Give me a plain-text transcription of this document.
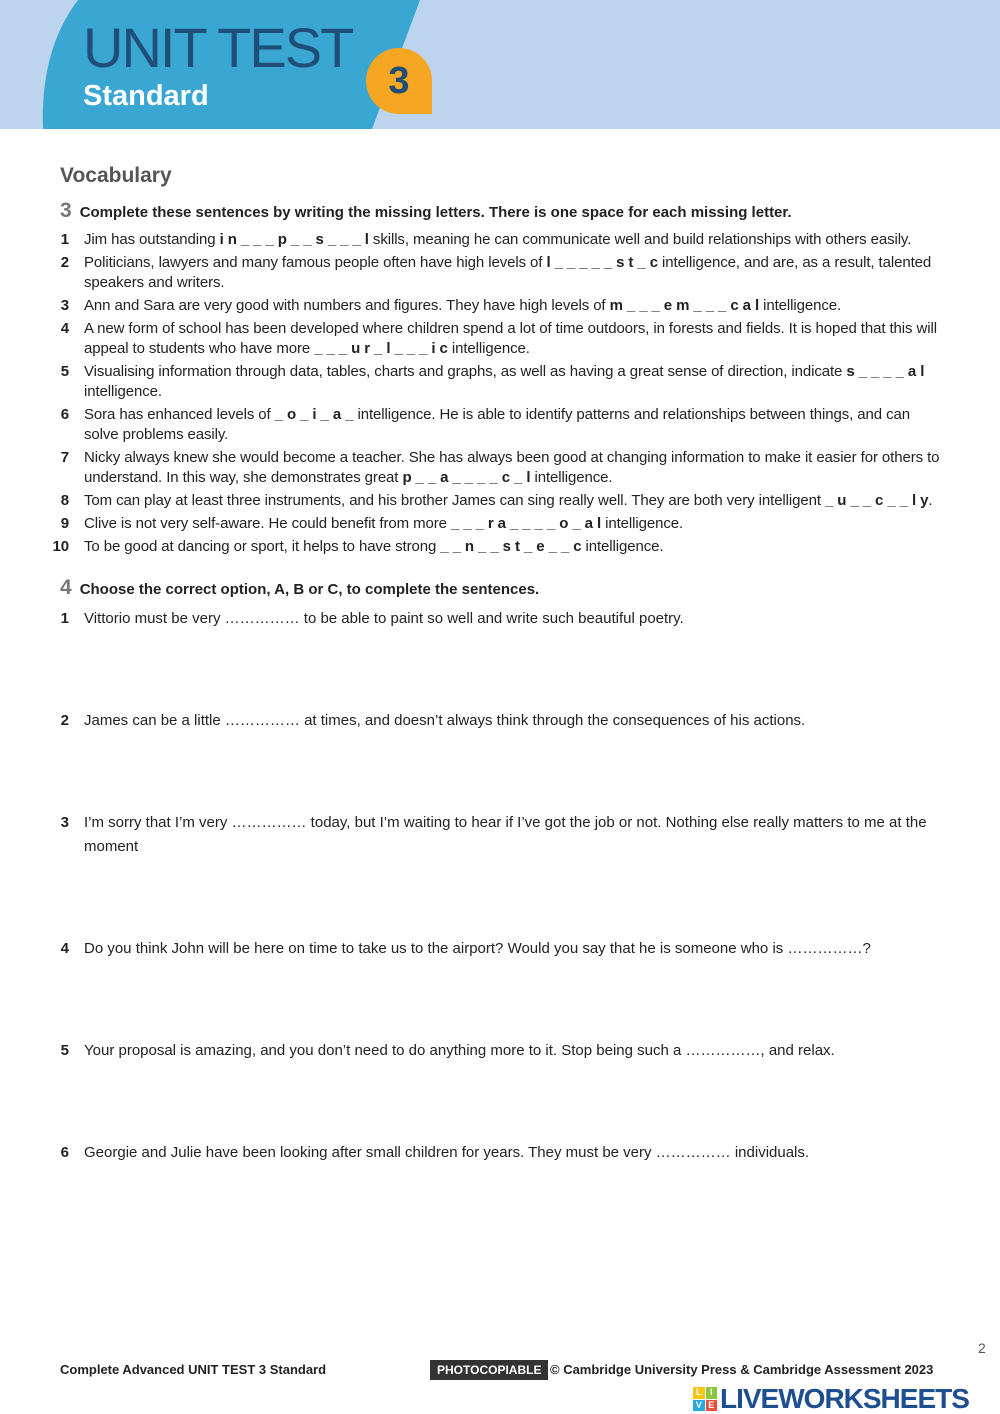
UNIT TEST
Standard	3
Vocabulary
3 Complete these sentences by writing the missing letters. There is one space for each missing letter.
1 Jim has outstanding i n _ _ _ p _ _ s _ _ _ l skills, meaning he can communicate well and build relationships with others easily.
2 Politicians, lawyers and many famous people often have high levels of l _ _ _ _ _ s t _ c intelligence, and are, as a result, talented speakers and writers.
3 Ann and Sara are very good with numbers and figures. They have high levels of m _ _ _ e m _ _ _ c a l intelligence.
4 A new form of school has been developed where children spend a lot of time outdoors, in forests and fields. It is hoped that this will appeal to students who have more _ _ _ u r _ l _ _ _ i c intelligence.
5 Visualising information through data, tables, charts and graphs, as well as having a great sense of direction, indicate s _ _ _ _ a l intelligence.
6 Sora has enhanced levels of _ o _ i _ a _ intelligence. He is able to identify patterns and relationships between things, and can solve problems easily.
7 Nicky always knew she would become a teacher. She has always been good at changing information to make it easier for others to understand. In this way, she demonstrates great p _ _ a _ _ _ _ c _ l intelligence.
8 Tom can play at least three instruments, and his brother James can sing really well. They are both very intelligent _ u _ _ c _ _ l y.
9 Clive is not very self-aware. He could benefit from more _ _ _ r a _ _ _ _ o _ a l intelligence.
10 To be good at dancing or sport, it helps to have strong _ _ n _ _ s t _ e _ _ c intelligence.
4 Choose the correct option, A, B or C, to complete the sentences.
1 Vittorio must be very …………… to be able to paint so well and write such beautiful poetry.
2 James can be a little …………… at times, and doesn’t always think through the consequences of his actions.
3 I’m sorry that I’m very …………… today, but I’m waiting to hear if I’ve got the job or not. Nothing else really matters to me at the moment
4 Do you think John will be here on time to take us to the airport? Would you say that he is someone who is ……………?
5 Your proposal is amazing, and you don’t need to do anything more to it. Stop being such a ……………, and relax.
6 Georgie and Julie have been looking after small children for years. They must be very …………… individuals.
Complete Advanced UNIT TEST 3 Standard	PHOTOCOPIABLE © Cambridge University Press & Cambridge Assessment 2023
L I
V E LIVEWORKSHEETS
2
